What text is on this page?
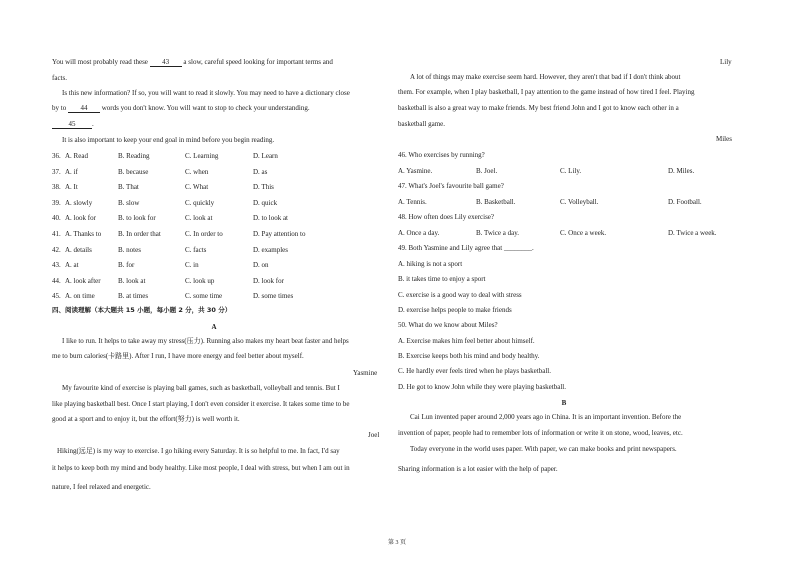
You will most probably read these 43 a slow, careful speed looking for important terms and
facts.
Is this new information? If so, you will want to read it slowly. You may need to have a dictionary close
by to 44 words you don't know. You will want to stop to check your understanding.
45 .
It is also important to keep your end goal in mind before you begin reading.
36. A. Read	B. Reading	C. Learning	D. Learn
37. A. if	B. because	C. when	D. as
38. A. It	B. That	C. What	D. This
39. A. slowly	B. slow	C. quickly	D. quick
40. A. look for	B. to look for	C. look at	D. to look at
41. A. Thanks to B. In order that	C. In order to	D. Pay attention to
42. A. details	B. notes	C. facts	D. examples
43. A. at	B. for	C. in	D. on
44. A. look after B. look at	C. look up	D. look for
45. A. on time	B. at times	C. some time	D. some times
四、阅读理解（本大题共 15 小题，每小题 2 分，共 30 分）
A
I like to run. It helps to take away my stress(压力). Running also makes my heart beat faster and helps
me to burn calories(卡路里). After I run, I have more energy and feel better about myself.
Yasmine
My favourite kind of exercise is playing ball games, such as basketball, volleyball and tennis. But I
like playing basketball best. Once I start playing, I don't even consider it exercise. It takes some time to be
good at a sport and to enjoy it, but the effort(努力) is well worth it.
Joel
Hiking(远足) is my way to exercise. I go hiking every Saturday. It is so helpful to me. In fact, I'd say
it helps to keep both my mind and body healthy. Like most people, I deal with stress, but when I am out in
nature, I feel relaxed and energetic.
Lily
A lot of things may make exercise seem hard. However, they aren't that bad if I don't think about
them. For example, when I play basketball, I pay attention to the game instead of how tired I feel. Playing
basketball is also a great way to make friends. My best friend John and I got to know each other in a
basketball game.
Miles
46. Who exercises by running?
A. Yasmine.	B. Joel.	C. Lily.	D. Miles.
47. What's Joel's favourite ball game?
A. Tennis.	B. Basketball.	C. Volleyball.	D. Football.
48. How often does Lily exercise?
A. Once a day.	B. Twice a day.	C. Once a week.	D. Twice a week.
49. Both Yasmine and Lily agree that ________.
A. hiking is not a sport
B. it takes time to enjoy a sport
C. exercise is a good way to deal with stress
D. exercise helps people to make friends
50. What do we know about Miles?
A. Exercise makes him feel better about himself.
B. Exercise keeps both his mind and body healthy.
C. He hardly ever feels tired when he plays basketball.
D. He got to know John while they were playing basketball.
B
Cai Lun invented paper around 2,000 years ago in China. It is an important invention. Before the
invention of paper, people had to remember lots of information or write it on stone, wood, leaves, etc.
Today everyone in the world uses paper. With paper, we can make books and print newspapers.
Sharing information is a lot easier with the help of paper.
第 3 页
